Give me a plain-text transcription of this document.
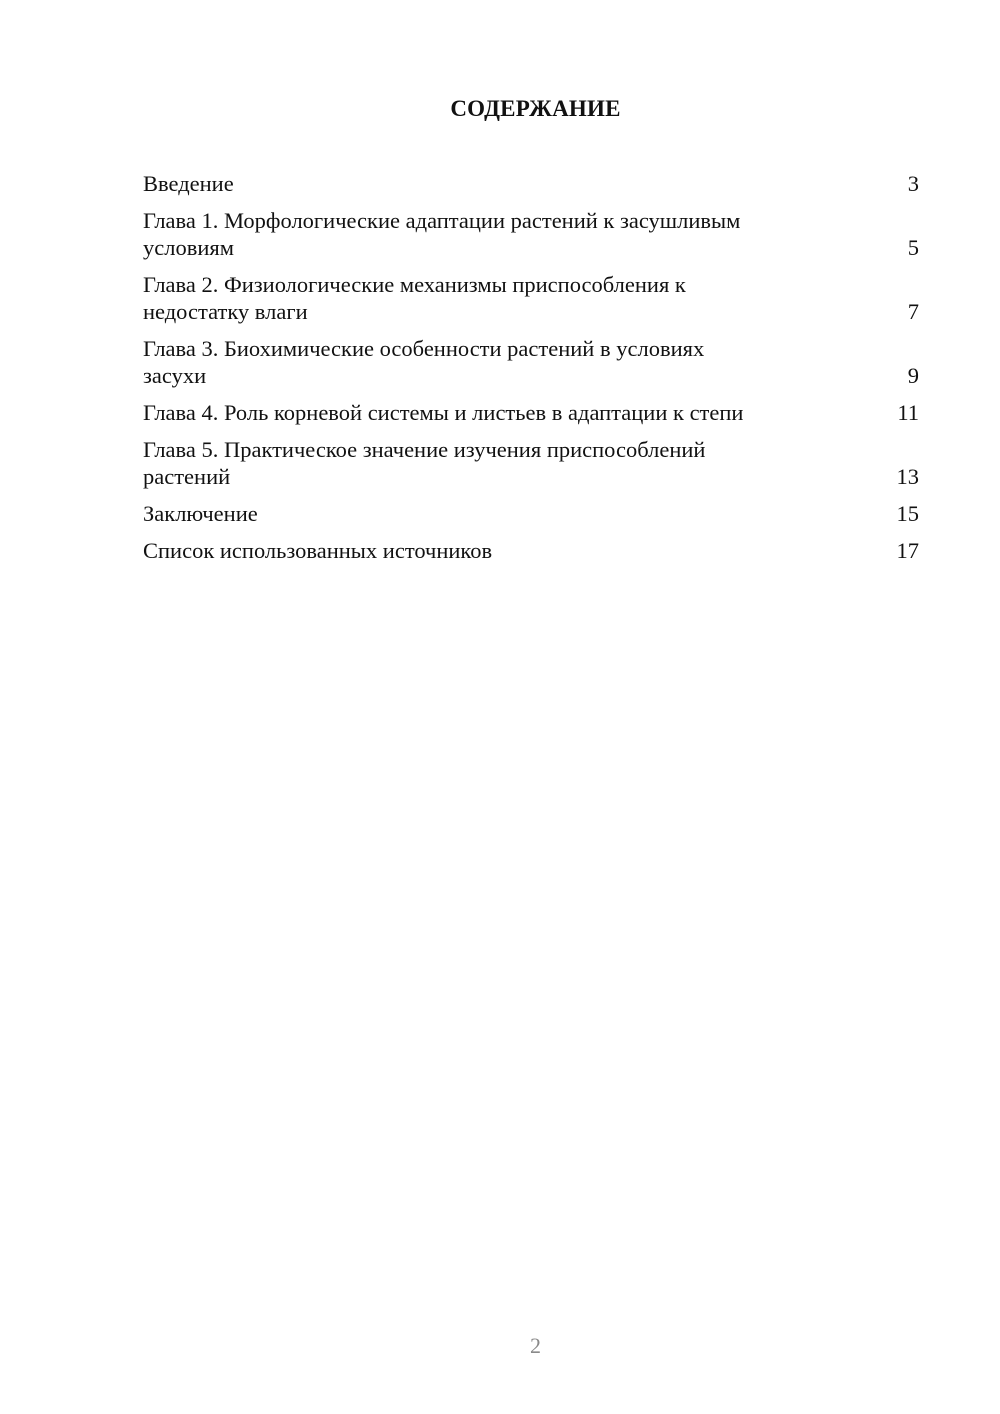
СОДЕРЖАНИЕ
Введение	3
Глава 1. Морфологические адаптации растений к засушливым
условиям	5
Глава 2. Физиологические механизмы приспособления к
недостатку влаги	7
Глава 3. Биохимические особенности растений в условиях
засухи	9
Глава 4. Роль корневой системы и листьев в адаптации к степи	11
Глава 5. Практическое значение изучения приспособлений
растений	13
Заключение	15
Список использованных источников	17
2
